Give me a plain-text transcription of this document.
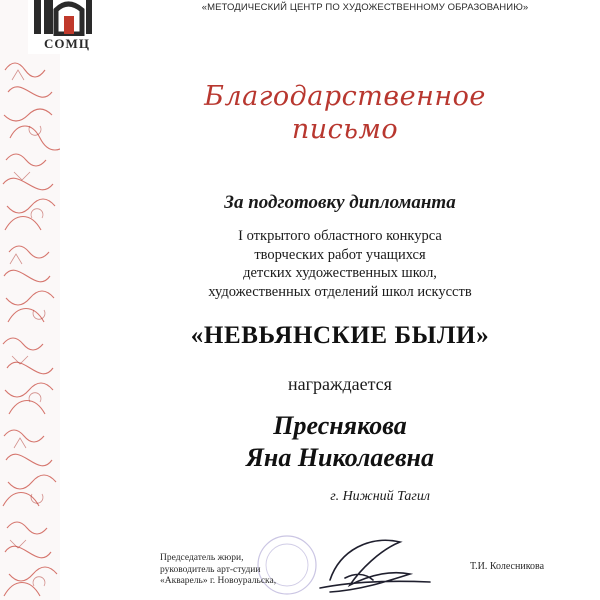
СОМЦ
«МЕТОДИЧЕСКИЙ ЦЕНТР ПО ХУДОЖЕСТВЕННОМУ ОБРАЗОВАНИЮ»
Благодарственное
письмо
За подготовку дипломанта
I открытого областного конкурса
творческих работ учащихся
детских художественных школ,
художественных отделений школ искусств
«НЕВЬЯНСКИЕ БЫЛИ»
награждается
Преснякова
Яна Николаевна
г. Нижний Тагил
Председатель жюри,
руководитель арт-студии
«Акварель» г. Новоуральска,
Т.И. Колесникова
